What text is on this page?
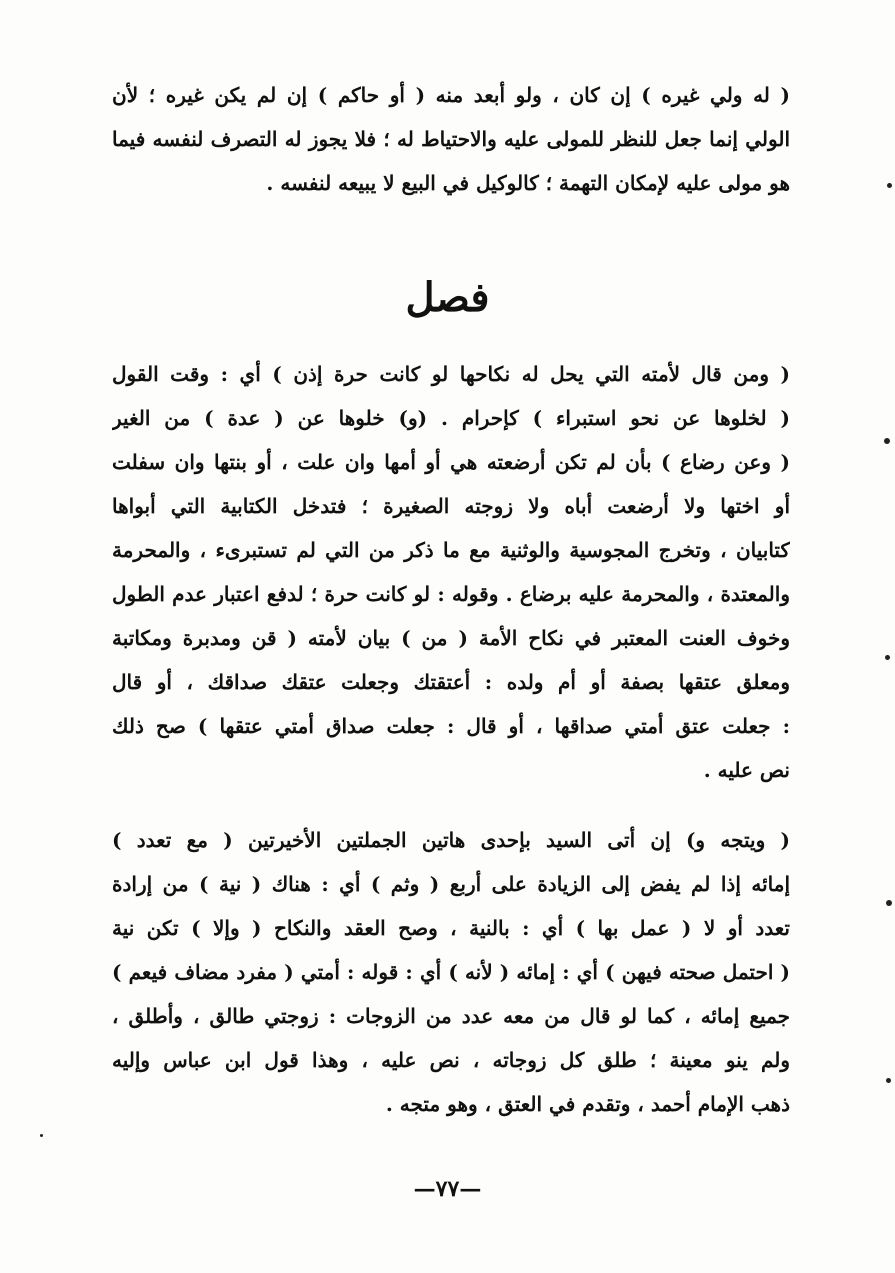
( له ولي غيره ) إن كان ، ولو أبعد منه ( أو حاكم ) إن لم يكن غيره ؛ لأن
الولي إنما جعل للنظر للمولى عليه والاحتياط له ؛ فلا يجوز له التصرف لنفسه فيما
هو مولى عليه لإمكان التهمة ؛ كالوكيل في البيع لا يبيعه لنفسه .
فصل
( ومن قال لأمته التي يحل له نكاحها لو كانت حرة إذن ) أي : وقت القول
( لخلوها عن نحو استبراء ) كإحرام . (و) خلوها عن ( عدة ) من الغير
( وعن رضاع ) بأن لم تكن أرضعته هي أو أمها وان علت ، أو بنتها وان سفلت
أو اختها ولا أرضعت أباه ولا زوجته الصغيرة ؛ فتدخل الكتابية التي أبواها
كتابيان ، وتخرج المجوسية والوثنية مع ما ذكر من التي لم تستبرىء ، والمحرمة
والمعتدة ، والمحرمة عليه برضاع . وقوله : لو كانت حرة ؛ لدفع اعتبار عدم الطول
وخوف العنت المعتبر في نكاح الأمة ( من ) بيان لأمته ( قن ومدبرة ومكاتبة
ومعلق عتقها بصفة أو أم ولده : أعتقتك وجعلت عتقك صداقك ، أو قال
: جعلت عتق أمتي صداقها ، أو قال : جعلت صداق أمتي عتقها ) صح ذلك
نص عليه .
( ويتجه و) إن أتى السيد بإحدى هاتين الجملتين الأخيرتين ( مع تعدد )
إمائه إذا لم يفض إلى الزيادة على أربع ( وثم ) أي : هناك ( نية ) من إرادة
تعدد أو لا ( عمل بها ) أي : بالنية ، وصح العقد والنكاح ( وإلا ) تكن نية
( احتمل صحته فيهن ) أي : إمائه ( لأنه ) أي : قوله : أمتي ( مفرد مضاف فيعم )
جميع إمائه ، كما لو قال من معه عدد من الزوجات : زوجتي طالق ، وأطلق ،
ولم ينو معينة ؛ طلق كل زوجاته ، نص عليه ، وهذا قول ابن عباس وإليه
ذهب الإمام أحمد ، وتقدم في العتق ، وهو متجه .
—٧٧—
